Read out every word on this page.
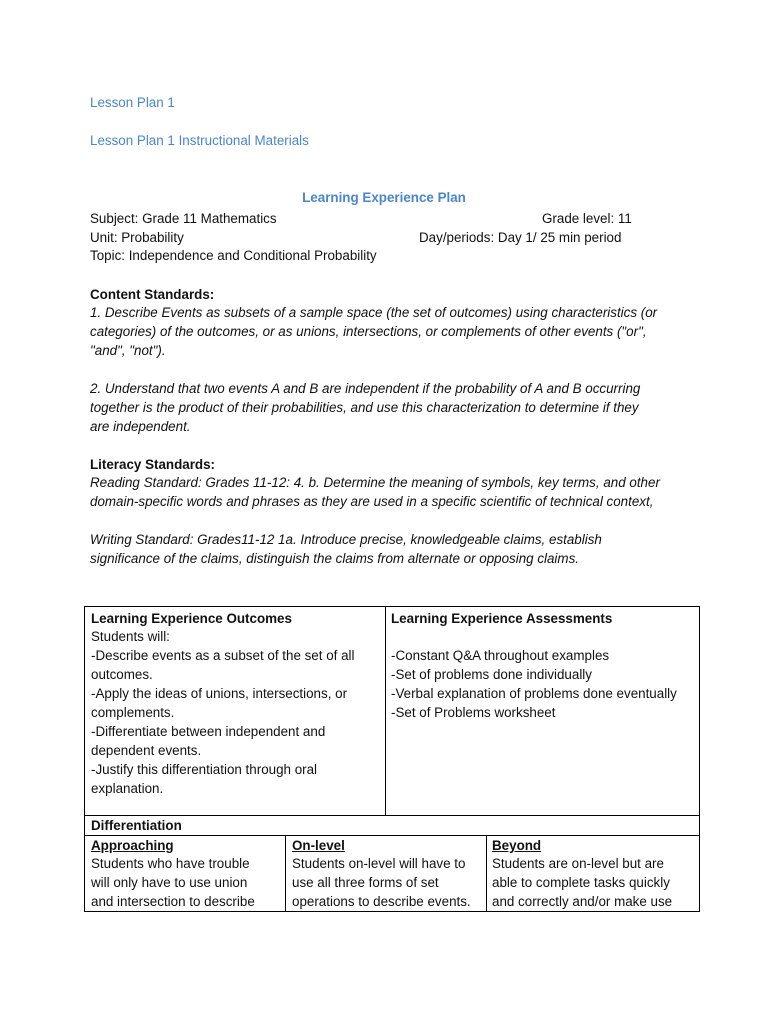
Lesson Plan 1
Lesson Plan 1 Instructional Materials
Learning Experience Plan
Subject: Grade 11 Mathematics	Grade level: 11
Unit: Probability	Day/periods: Day 1/ 25 min period
Topic: Independence and Conditional Probability
Content Standards:
1. Describe Events as subsets of a sample space (the set of outcomes) using characteristics (or
categories) of the outcomes, or as unions, intersections, or complements of other events ("or",
"and", "not").
2. Understand that two events A and B are independent if the probability of A and B occurring
together is the product of their probabilities, and use this characterization to determine if they
are independent.
Literacy Standards:
Reading Standard: Grades 11-12: 4. b. Determine the meaning of symbols, key terms, and other
domain-specific words and phrases as they are used in a specific scientific of technical context,
Writing Standard: Grades11-12 1a. Introduce precise, knowledgeable claims, establish
significance of the claims, distinguish the claims from alternate or opposing claims.
Learning Experience Outcomes
Students will:
-Describe events as a subset of the set of all
outcomes.
-Apply the ideas of unions, intersections, or
complements.
-Differentiate between independent and
dependent events.
-Justify this differentiation through oral
explanation.
Learning Experience Assessments
-Constant Q&A throughout examples
-Set of problems done individually
-Verbal explanation of problems done eventually
-Set of Problems worksheet
Differentiation
Approaching
Students who have trouble
will only have to use union
and intersection to describe
On-level
Students on-level will have to
use all three forms of set
operations to describe events.
Beyond
Students are on-level but are
able to complete tasks quickly
and correctly and/or make use
